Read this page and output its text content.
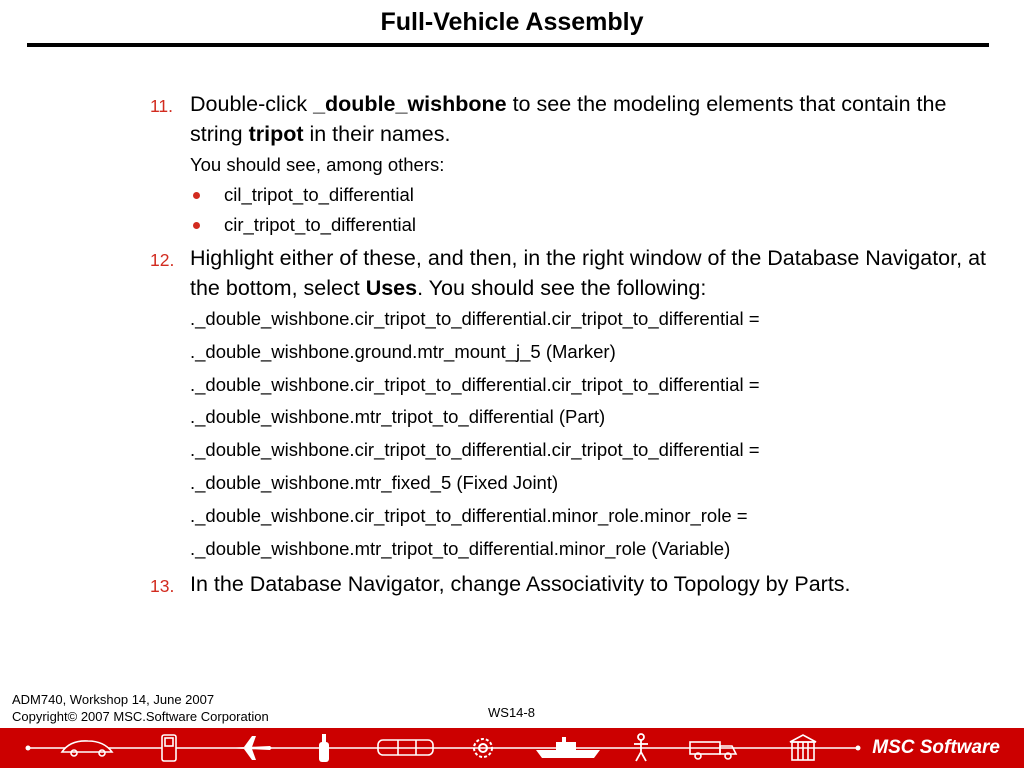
Full-Vehicle Assembly

11. Double-click _double_wishbone to see the modeling elements that contain the string tripot in their names.

You should see, among others:

cil_tripot_to_differential

cir_tripot_to_differential

12. Highlight either of these, and then, in the right window of the Database Navigator, at the bottom, select Uses. You should see the following:

._double_wishbone.cir_tripot_to_differential.cir_tripot_to_differential =

._double_wishbone.ground.mtr_mount_j_5 (Marker)

._double_wishbone.cir_tripot_to_differential.cir_tripot_to_differential =

._double_wishbone.mtr_tripot_to_differential (Part)

._double_wishbone.cir_tripot_to_differential.cir_tripot_to_differential =

._double_wishbone.mtr_fixed_5 (Fixed Joint)

._double_wishbone.cir_tripot_to_differential.minor_role.minor_role =

._double_wishbone.mtr_tripot_to_differential.minor_role (Variable)

13. In the Database Navigator, change Associativity to Topology by Parts.

ADM740, Workshop 14, June 2007
Copyright© 2007 MSC.Software Corporation	WS14-8
MSC Software
